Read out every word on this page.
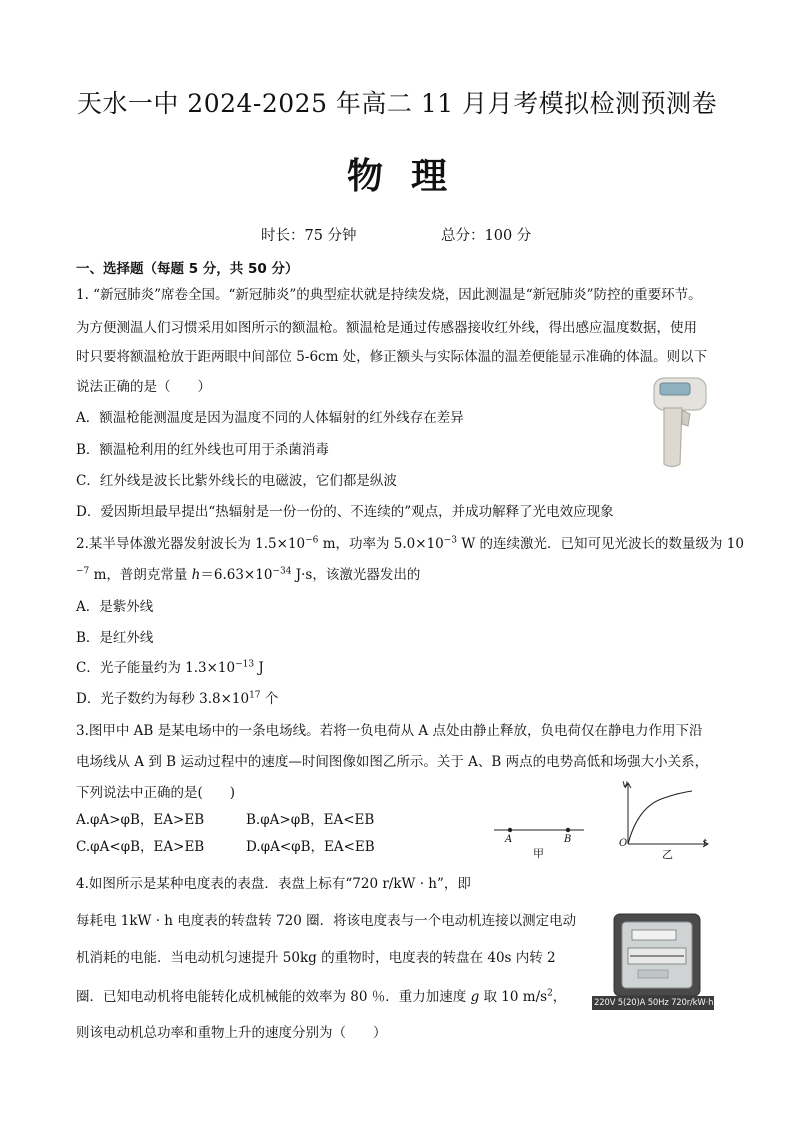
天水一中 2024-2025 年高二 11 月月考模拟检测预测卷
物理
时长：75 分钟	总分：100 分
一、选择题（每题 5 分，共 50 分）
1. “新冠肺炎”席卷全国。“新冠肺炎”的典型症状就是持续发烧，因此测温是“新冠肺炎”防控的重要环节。
为方便测温人们习惯采用如图所示的额温枪。额温枪是通过传感器接收红外线，得出感应温度数据，使用
时只要将额温枪放于距两眼中间部位 5-6cm 处，修正额头与实际体温的温差便能显示准确的体温。则以下
说法正确的是（　　）
A．额温枪能测温度是因为温度不同的人体辐射的红外线存在差异
B．额温枪利用的红外线也可用于杀菌消毒
C．红外线是波长比紫外线长的电磁波，它们都是纵波
D．爱因斯坦最早提出“热辐射是一份一份的、不连续的”观点，并成功解释了光电效应现象
2.某半导体激光器发射波长为 $1.5\times 10^{-6}$ m，功率为 $5.0\times 10^{-3}$ W 的连续激光．已知可见光波长的数量级为 10
$^{-7}$ m，普朗克常量 $h=6.63\times 10^{-34}$ J·s，该激光器发出的
A．是紫外线
B．是红外线
C．光子能量约为 $1.3\times 10^{-13}$ J
D．光子数约为每秒 $3.8\times 10^{17}$ 个
3.图甲中 AB 是某电场中的一条电场线。若将一负电荷从 A 点处由静止释放，负电荷仅在静电力作用下沿
电场线从 A 到 B 运动过程中的速度—时间图像如图乙所示。关于 A、B 两点的电势高低和场强大小关系，
下列说法中正确的是(　　)
A.φA>φB，EA>EB	B.φA>φB，EA<EB
C.φA<φB，EA>EB	D.φA<φB，EA<EB	A	B
甲
v
O	t
乙
4.如图所示是某种电度表的表盘．表盘上标有“720 r/kW · h”，即
每耗电 1kW · h 电度表的转盘转 720 圈．将该电度表与一个电动机连接以测定电动
机消耗的电能．当电动机匀速提升 50kg 的重物时，电度表的转盘在 40s 内转 2
圈．已知电动机将电能转化成机械能的效率为 80 ％．重力加速度 g 取 10 $m/s^2$，
则该电动机总功率和重物上升的速度分别为（　　）
220V 5(20)A 50Hz 720r/kW·h
